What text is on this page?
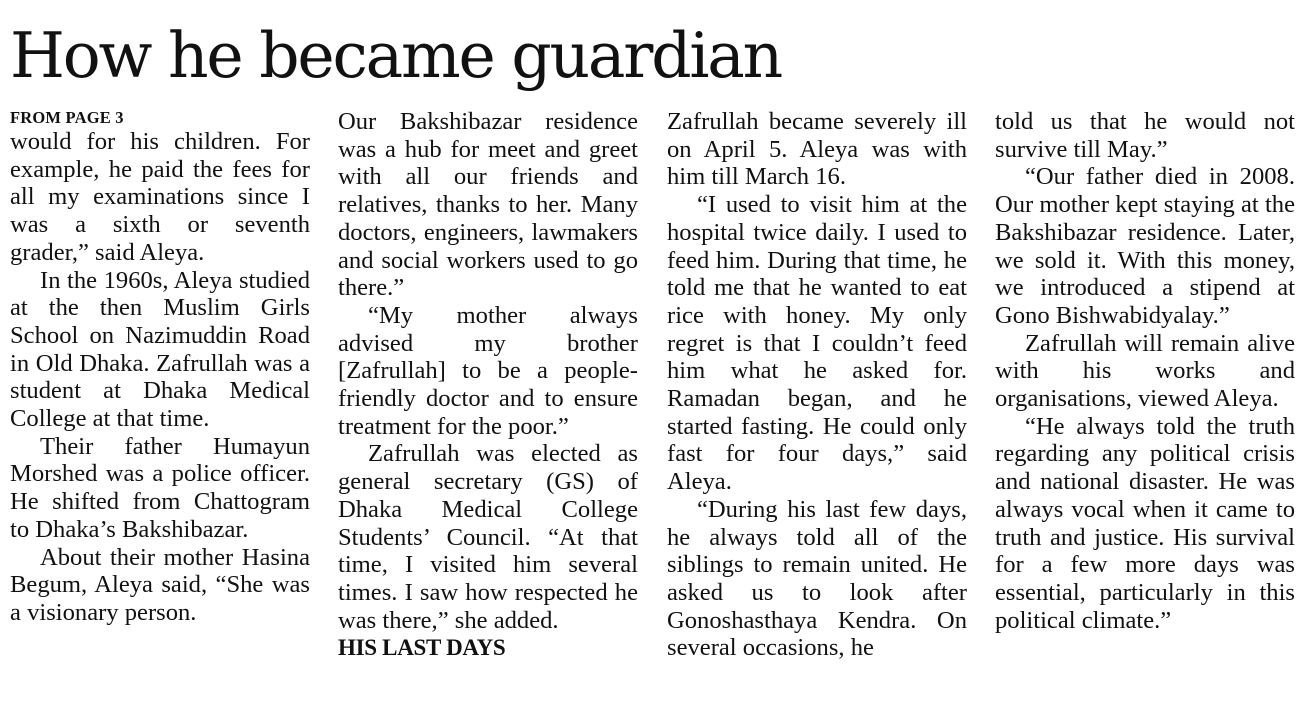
How he became guardian
FROM PAGE 3

would for his children. For example, he paid the fees for all my examinations since I was a sixth or seventh grader,” said Aleya.

In the 1960s, Aleya studied at the then Muslim Girls School on Nazimuddin Road in Old Dhaka. Zafrullah was a student at Dhaka Medical College at that time.

Their father Humayun Morshed was a police officer. He shifted from Chattogram to Dhaka’s Bakshibazar.

About their mother Hasina Begum, Aleya said, “She was a visionary person.

Our Bakshibazar residence was a hub for meet and greet with all our friends and relatives, thanks to her. Many doctors, engineers, lawmakers and social workers used to go there.”

“My mother always advised my brother [Zafrullah] to be a people-friendly doctor and to ensure treatment for the poor.”

Zafrullah was elected as general secretary (GS) of Dhaka Medical College Students’ Council. “At that time, I visited him several times. I saw how respected he was there,” she added.

HIS LAST DAYS

Zafrullah became severely ill on April 5. Aleya was with him till March 16.

“I used to visit him at the hospital twice daily. I used to feed him. During that time, he told me that he wanted to eat rice with honey. My only regret is that I couldn’t feed him what he asked for. Ramadan began, and he started fasting. He could only fast for four days,” said Aleya.

“During his last few days, he always told all of the siblings to remain united. He asked us to look after Gonoshasthaya Kendra. On several occasions, he

told us that he would not survive till May.”

“Our father died in 2008. Our mother kept staying at the Bakshibazar residence. Later, we sold it. With this money, we introduced a stipend at Gono Bishwabidyalay.”

Zafrullah will remain alive with his works and organisations, viewed Aleya.

“He always told the truth regarding any political crisis and national disaster. He was always vocal when it came to truth and justice. His survival for a few more days was essential, particularly in this political climate.”
